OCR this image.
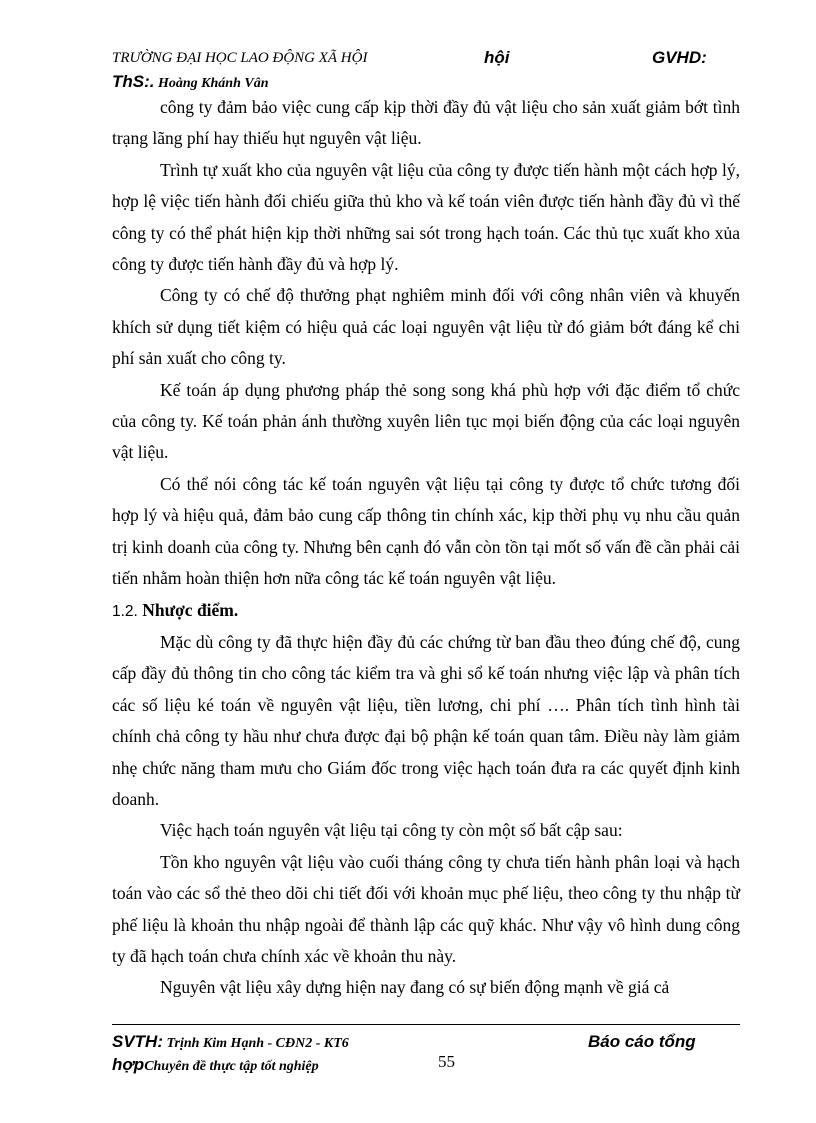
TRƯỜNG ĐẠI HỌC LAO ĐỘNG XÃ HỘI	hội	GVHD:
ThS:. Hoàng Khánh Vân

công ty đảm bảo việc cung cấp kịp thời đầy đủ vật liệu cho sản xuất giảm bớt tình trạng lãng phí hay thiếu hụt nguyên vật liệu.

Trình tự xuất kho của nguyên vật liệu của công ty được tiến hành một cách hợp lý, hợp lệ việc tiến hành đối chiếu giữa thủ kho và kế toán viên được tiến hành đầy đủ vì thế công ty có thể phát hiện kịp thời những sai sót trong hạch toán. Các thủ tục xuất kho xủa công ty được tiến hành đầy đủ và hợp lý.

Công ty có chế độ thưởng phạt nghiêm minh đối với công nhân viên và khuyến khích sử dụng tiết kiệm có hiệu quả các loại nguyên vật liệu từ đó giảm bớt đáng kể chi phí sản xuất cho công ty.

Kế toán áp dụng phương pháp thẻ song song khá phù hợp với đặc điểm tổ chức của công ty. Kế toán phản ánh thường xuyên liên tục mọi biến động của các loại nguyên vật liệu.

Có thể nói công tác kế toán nguyên vật liệu tại công ty được tổ chức tương đối hợp lý và hiệu quả, đảm bảo cung cấp thông tin chính xác, kịp thời phụ vụ nhu cầu quản trị kinh doanh của công ty. Nhưng bên cạnh đó vẫn còn tồn tại mốt số vấn đề cần phải cải tiến nhằm hoàn thiện hơn nữa công tác kế toán nguyên vật liệu.

1.2. Nhược điểm.

Mặc dù công ty đã thực hiện đầy đủ các chứng từ ban đầu theo đúng chế độ, cung cấp đầy đủ thông tin cho công tác kiểm tra và ghi sổ kế toán nhưng việc lập và phân tích các số liệu ké toán về nguyên vật liệu, tiền lương, chi phí …. Phân tích tình hình tài chính chả công ty hầu như chưa được đại bộ phận kế toán quan tâm. Điều này làm giảm nhẹ chức năng tham mưu cho Giám đốc trong việc hạch toán đưa ra các quyết định kinh doanh.

Việc hạch toán nguyên vật liệu tại công ty còn một số bất cập sau:

Tồn kho nguyên vật liệu vào cuối tháng công ty chưa tiến hành phân loại và hạch toán vào các sổ thẻ theo dõi chi tiết đối với khoản mục phế liệu, theo công ty thu nhập từ phế liệu là khoản thu nhập ngoài để thành lập các quỹ khác. Như vậy vô hình dung công ty đã hạch toán chưa chính xác về khoản thu này.

Nguyên vật liệu xây dựng hiện nay đang có sự biến động mạnh về giá cả

SVTH: Trịnh Kim Hạnh - CĐN2 - KT6	Báo cáo tổng
hợpChuyên đề thực tập tốt nghiệp	55
